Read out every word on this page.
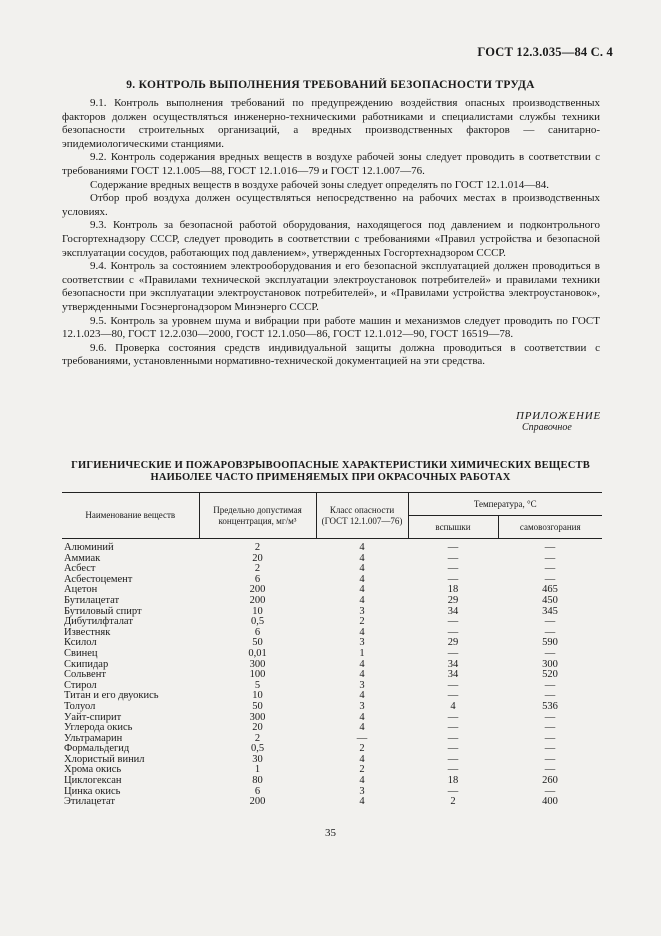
ГОСТ 12.3.035—84 С. 4
9. КОНТРОЛЬ ВЫПОЛНЕНИЯ ТРЕБОВАНИЙ БЕЗОПАСНОСТИ ТРУДА

9.1. Контроль выполнения требований по предупреждению воздействия опасных производственных факторов должен осуществляться инженерно-техническими работниками и специалистами службы техники безопасности строительных организаций, а вредных производственных факторов — санитарно-эпидемиологическими станциями.

9.2. Контроль содержания вредных веществ в воздухе рабочей зоны следует проводить в соответствии с требованиями ГОСТ 12.1.005—88, ГОСТ 12.1.016—79 и ГОСТ 12.1.007—76.

Содержание вредных веществ в воздухе рабочей зоны следует определять по ГОСТ 12.1.014—84.

Отбор проб воздуха должен осуществляться непосредственно на рабочих местах в производственных условиях.

9.3. Контроль за безопасной работой оборудования, находящегося под давлением и подконтрольного Госгортехнадзору СССР, следует проводить в соответствии с требованиями «Правил устройства и безопасной эксплуатации сосудов, работающих под давлением», утвержденных Госгортехнадзором СССР.

9.4. Контроль за состоянием электрооборудования и его безопасной эксплуатацией должен проводиться в соответствии с «Правилами технической эксплуатации электроустановок потребителей» и правилами техники безопасности при эксплуатации электроустановок потребителей», и «Правилами устройства электроустановок», утвержденными Госэнергонадзором Минэнерго СССР.

9.5. Контроль за уровнем шума и вибрации при работе машин и механизмов следует проводить по ГОСТ 12.1.023—80, ГОСТ 12.2.030—2000, ГОСТ 12.1.050—86, ГОСТ 12.1.012—90, ГОСТ 16519—78.

9.6. Проверка состояния средств индивидуальной защиты должна проводиться в соответствии с требованиями, установленными нормативно-технической документацией на эти средства.

ПРИЛОЖЕНИЕ
Справочное
ГИГИЕНИЧЕСКИЕ И ПОЖАРОВЗРЫВООПАСНЫЕ ХАРАКТЕРИСТИКИ ХИМИЧЕСКИХ ВЕЩЕСТВ
НАИБОЛЕЕ ЧАСТО ПРИМЕНЯЕМЫХ ПРИ ОКРАСОЧНЫХ РАБОТАХ
Наименование веществ	Предельно допустимая концентрация, мг/м³	Класс опасности (ГОСТ 12.1.007—76)	Температура, °С	
			вспышки	самовозгорания
Алюминий	2	4	—	—
Аммиак	20	4	—	—
Асбест	2	4	—	—
Асбестоцемент	6	4	—	—
Ацетон	200	4	18	465
Бутилацетат	200	4	29	450
Бутиловый спирт	10	3	34	345
Дибутилфталат	0,5	2	—	—
Известняк	6	4	—	—
Ксилол	50	3	29	590
Свинец	0,01	1	—	—
Скипидар	300	4	34	300
Сольвент	100	4	34	520
Стирол	5	3	—	—
Титан и его двуокись	10	4	—	—
Толуол	50	3	4	536
Уайт-спирит	300	4	—	—
Углерода окись	20	4	—	—
Ультрамарин	2	—	—	—
Формальдегид	0,5	2	—	—
Хлористый винил	30	4	—	—
Хрома окись	1	2	—	—
Циклогексан	80	4	18	260
Цинка окись	6	3	—	—
Этилацетат	200	4	2	400
35
